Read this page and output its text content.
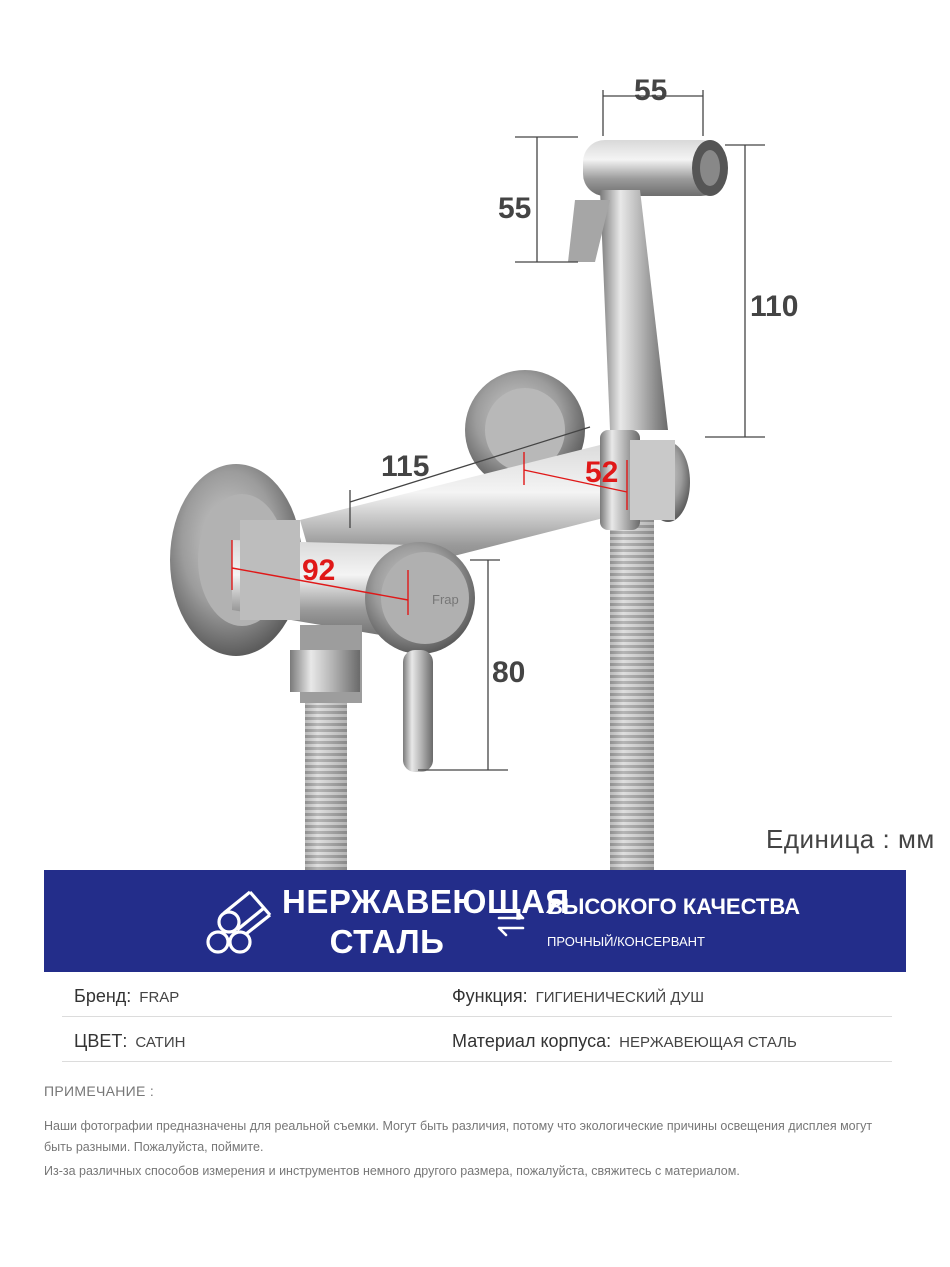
Frap
55
55
110
115	52
92
80
Единица : мм
НЕРЖАВЕЮЩАЯ
СТАЛЬ
ВЫСОКОГО КАЧЕСТВА
ПРОЧНЫЙ/КОНСЕРВАНТ
Бренд: FRAP	Функция: ГИГИЕНИЧЕСКИЙ ДУШ
ЦВЕТ: САТИН	Материал корпуса: НЕРЖАВЕЮЩАЯ СТАЛЬ
ПРИМЕЧАНИЕ :
Наши фотографии предназначены для реальной съемки. Могут быть различия, потому что экологические причины освещения дисплея могут быть разными. Пожалуйста, поймите.
Из-за различных способов измерения и инструментов немного другого размера, пожалуйста, свяжитесь с материалом.
